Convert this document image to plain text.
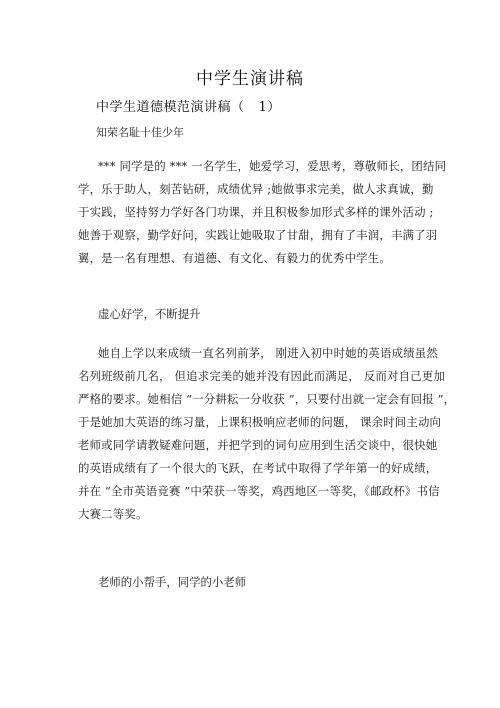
中学生演讲稿
中学生道德模范演讲稿（ 1）
知荣名耻十佳少年
*** 同学是的 *** 一名学生，她爱学习，爱思考，尊敬师长，团结同
学，乐于助人，刻苦钻研，成绩优异 ;她做事求完美，做人求真诚，勤
于实践，坚持努力学好各门功课，并且积极参加形式多样的课外活动 ;
她善于观察，勤学好问，实践让她吸取了甘甜，拥有了丰润，丰满了羽
翼，是一名有理想、有道德、有文化、有毅力的优秀中学生。
虚心好学，不断提升
她自上学以来成绩一直名列前茅， 刚进入初中时她的英语成绩虽然
名列班级前几名， 但追求完美的她并没有因此而满足， 反而对自己更加
严格的要求。她相信 “一分耕耘一分收获 ”，只要付出就一定会有回报 ”，
于是她加大英语的练习量，上课积极响应老师的问题， 课余时间主动向
老师或同学请教疑难问题，并把学到的词句应用到生活交谈中，很快她
的英语成绩有了一个很大的飞跃，在考试中取得了学年第一的好成绩，
并在 “全市英语竞赛 ”中荣获一等奖，鸡西地区一等奖，《邮政杯》书信
大赛二等奖。
老师的小帮手，同学的小老师
